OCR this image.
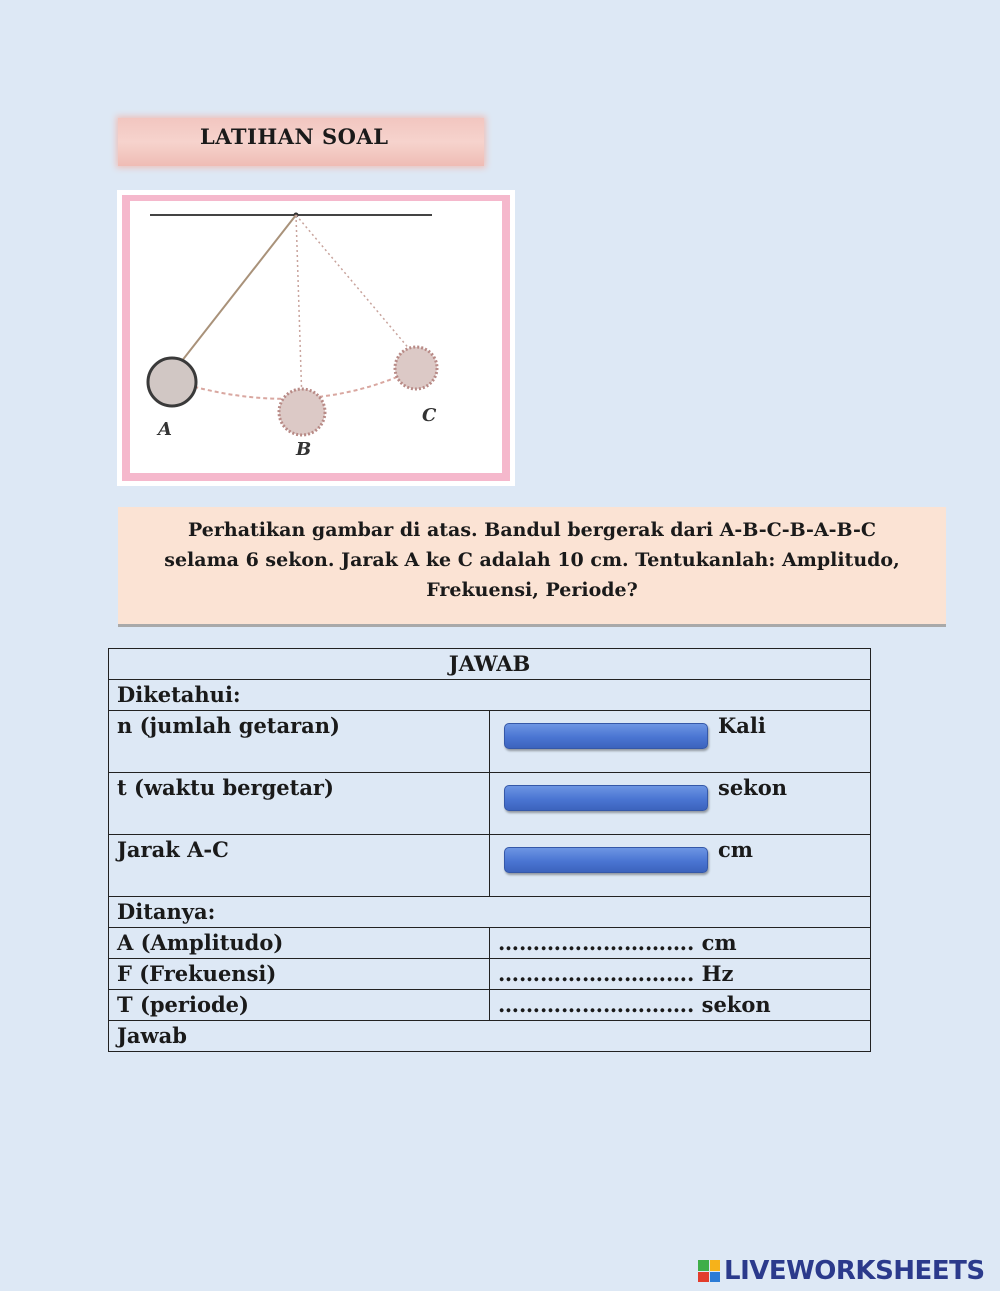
LATIHAN SOAL
A
B
C

Perhatikan gambar di atas. Bandul bergerak dari A-B-C-B-A-B-C selama 6 sekon. Jarak A ke C adalah 10 cm. Tentukanlah: Amplitudo, Frekuensi, Periode?

JAWAB	
Diketahui:	
n (jumlah getaran)	Kali

t (waktu bergetar)	sekon

Jarak A-C	cm

Ditanya:	
A (Amplitudo)	………………………. cm
F (Frekuensi)	………………………. Hz
T (periode)	………………………. sekon
Jawab	
LIVEWORKSHEETS
